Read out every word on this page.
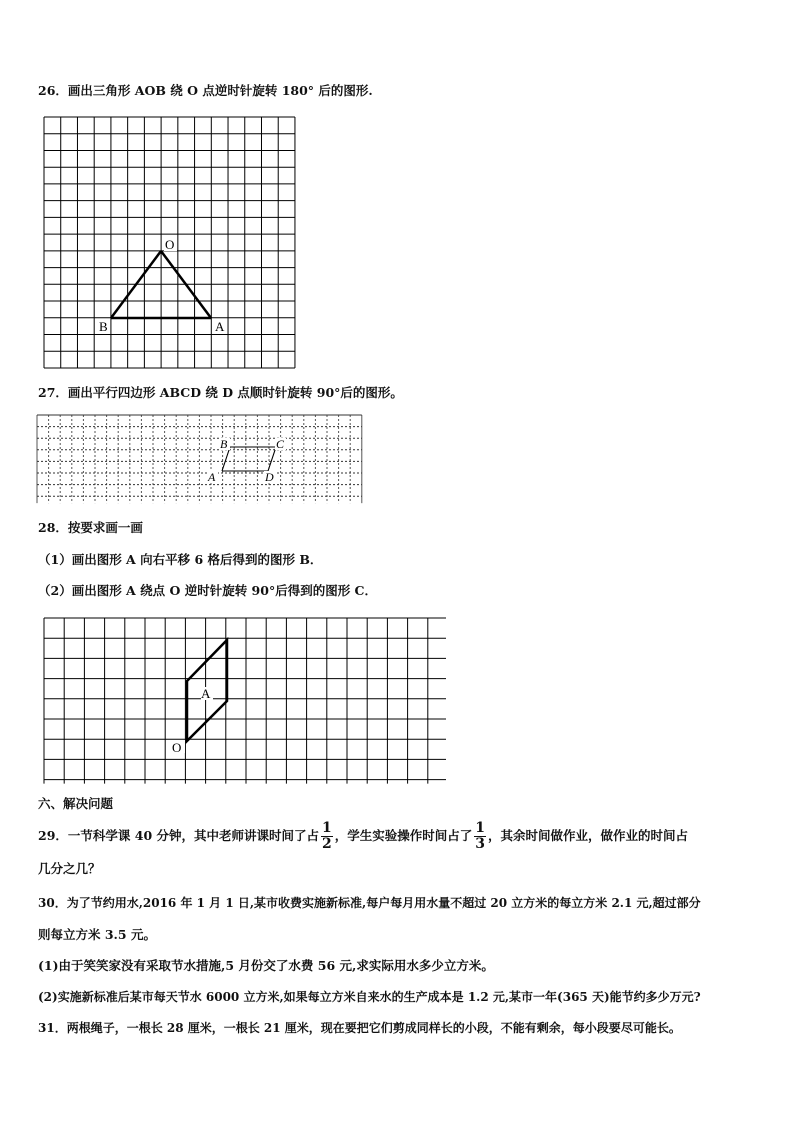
26．画出三角形 AOB 绕 O 点逆时针旋转 180° 后的图形.
O
B	A
27．画出平行四边形 ABCD 绕 D 点顺时针旋转 90°后的图形。
B	C
A	D
28．按要求画一画
（1）画出图形 A 向右平移 6 格后得到的图形 B．
（2）画出图形 A 绕点 O 逆时针旋转 90°后得到的图形 C．
A
O
六、解决问题
29．一节科学课 40 分钟，其中老师讲课时间了占 $\frac{1}{2}$ ，学生实验操作时间占了 $\frac{1}{3}$ ，其余时间做作业，做作业的时间占
几分之几？
30．为了节约用水,2016 年 1 月 1 日,某市收费实施新标准,每户每月用水量不超过 20 立方米的每立方米 2.1 元,超过部分
则每立方米 3.5 元。
(1)由于笑笑家没有采取节水措施,5 月份交了水费 56 元,求实际用水多少立方米。
(2)实施新标准后某市每天节水 6000 立方米,如果每立方米自来水的生产成本是 1.2 元,某市一年(365 天)能节约多少万元?
31．两根绳子，一根长 28 厘米，一根长 21 厘米，现在要把它们剪成同样长的小段，不能有剩余，每小段要尽可能长。
